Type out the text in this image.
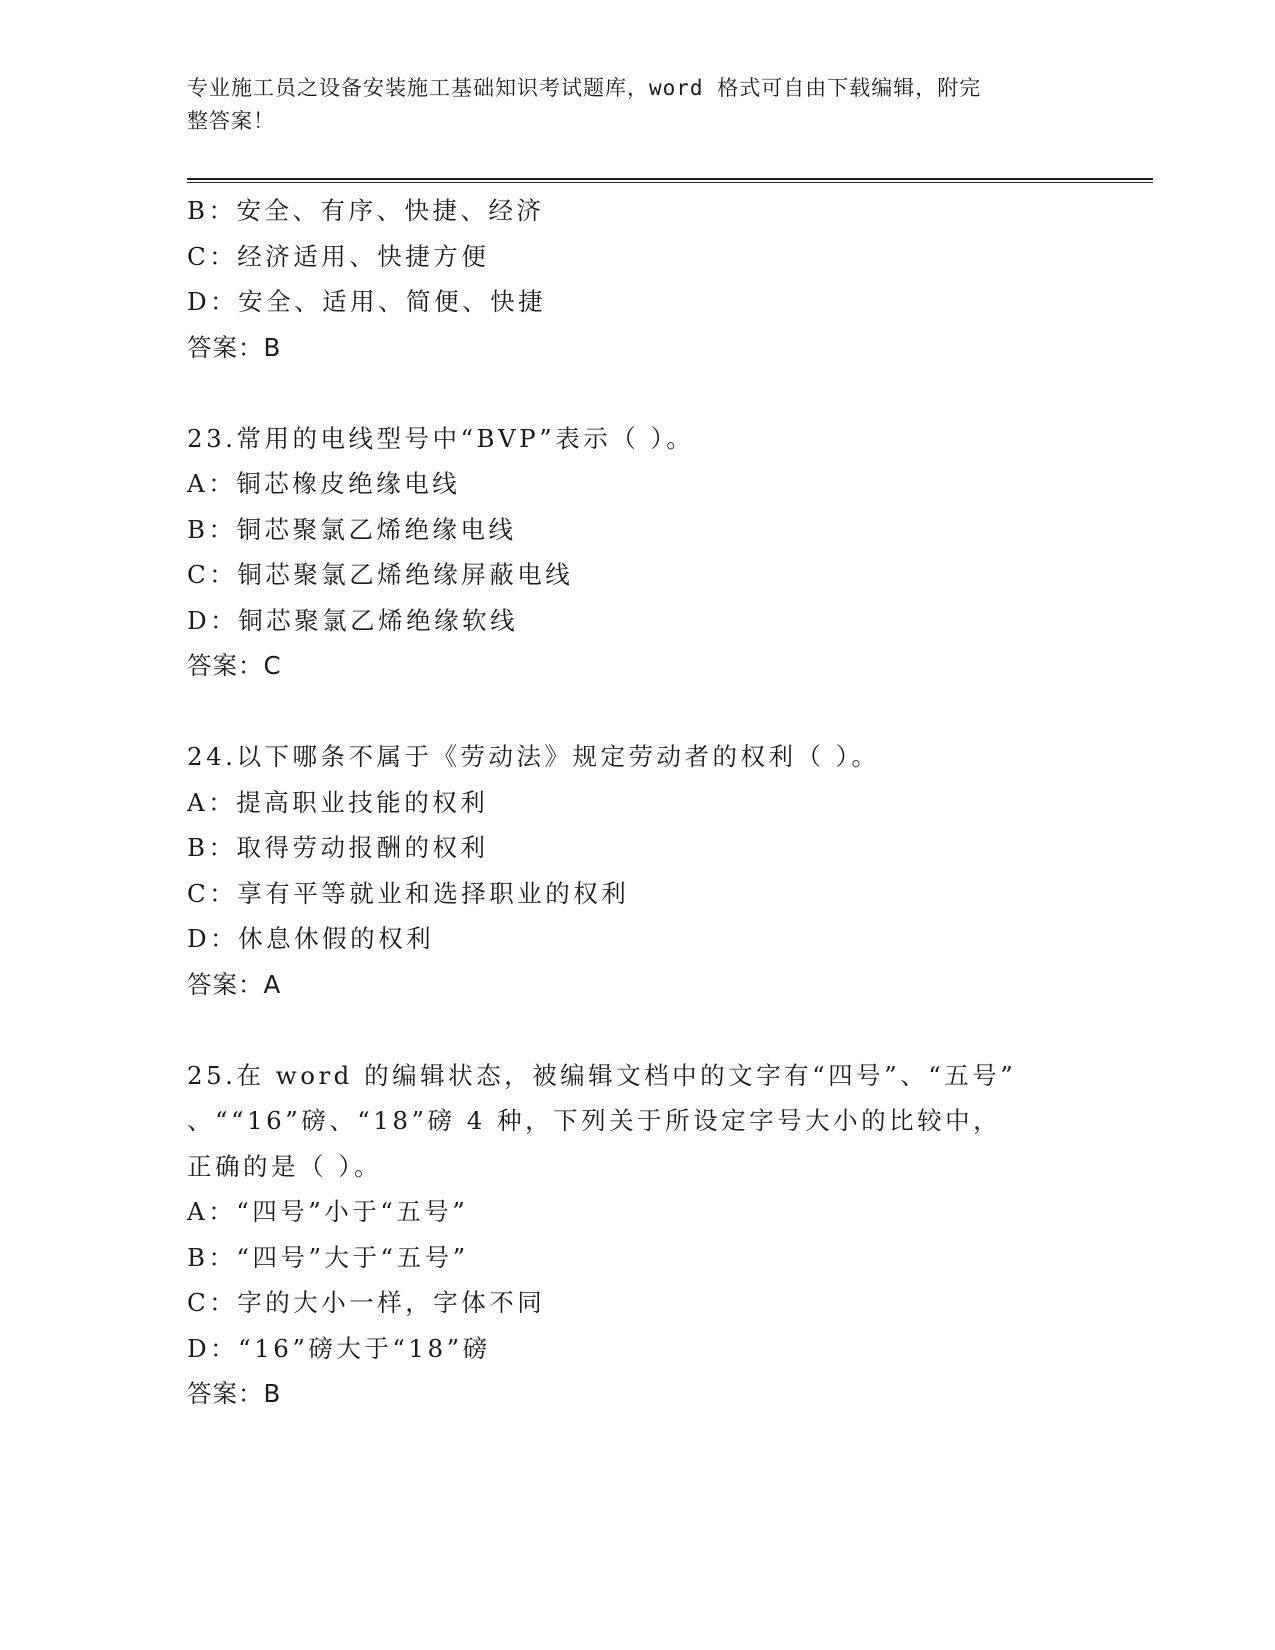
专业施工员之设备安装施工基础知识考试题库，word 格式可自由下载编辑，附完
整答案！
B：安全、有序、快捷、经济
C：经济适用、快捷方便
D：安全、适用、简便、快捷
答案：B
23.常用的电线型号中“BVP”表示（ ）。
A：铜芯橡皮绝缘电线
B：铜芯聚氯乙烯绝缘电线
C：铜芯聚氯乙烯绝缘屏蔽电线
D：铜芯聚氯乙烯绝缘软线
答案：C
24.以下哪条不属于《劳动法》规定劳动者的权利（ ）。
A：提高职业技能的权利
B：取得劳动报酬的权利
C：享有平等就业和选择职业的权利
D：休息休假的权利
答案：A
25.在 word 的编辑状态，被编辑文档中的文字有“四号”、“五号”
、““16”磅、“18”磅 4 种，下列关于所设定字号大小的比较中，
正确的是（ ）。
A：“四号”小于“五号”
B：“四号”大于“五号”
C：字的大小一样，字体不同
D：“16”磅大于“18”磅
答案：B
